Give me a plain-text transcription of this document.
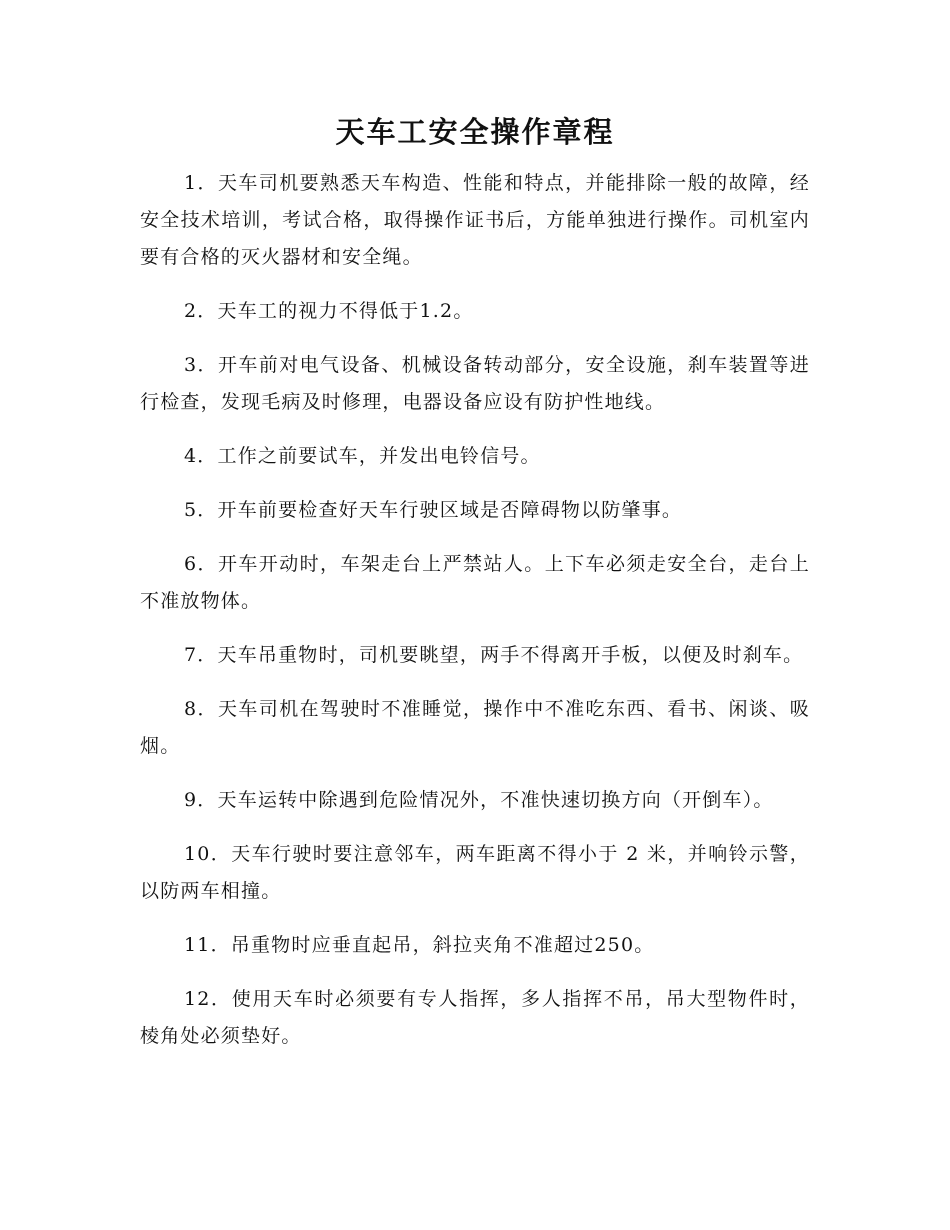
天车工安全操作章程

1．天车司机要熟悉天车构造、性能和特点，并能排除一般的故障，经安全技术培训，考试合格，取得操作证书后，方能单独进行操作。司机室内要有合格的灭火器材和安全绳。

2．天车工的视力不得低于1.2。

3．开车前对电气设备、机械设备转动部分，安全设施，刹车装置等进行检查，发现毛病及时修理，电器设备应设有防护性地线。

4．工作之前要试车，并发出电铃信号。

5．开车前要检查好天车行驶区域是否障碍物以防肇事。

6．开车开动时，车架走台上严禁站人。上下车必须走安全台，走台上不准放物体。

7．天车吊重物时，司机要眺望，两手不得离开手板，以便及时刹车。

8．天车司机在驾驶时不准睡觉，操作中不准吃东西、看书、闲谈、吸烟。

9．天车运转中除遇到危险情况外，不准快速切换方向（开倒车）。

10．天车行驶时要注意邻车，两车距离不得小于 2 米，并响铃示警，以防两车相撞。

11．吊重物时应垂直起吊，斜拉夹角不准超过250。

12．使用天车时必须要有专人指挥，多人指挥不吊，吊大型物件时，棱角处必须垫好。
